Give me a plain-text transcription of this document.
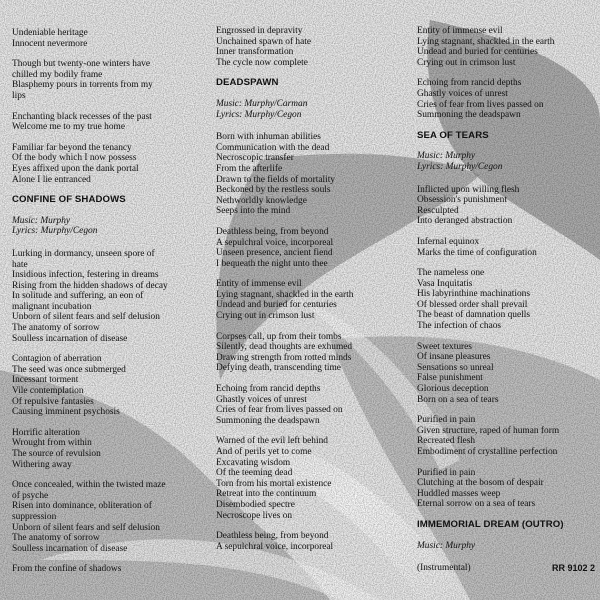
Undeniable heritage
Innocent nevermore
Though but twenty-one winters have
chilled my bodily frame
Blasphemy pours in torrents from my
lips
Enchanting black recesses of the past
Welcome me to my true home
Familiar far beyond the tenancy
Of the body which I now possess
Eyes affixed upon the dank portal
Alone I lie entranced
CONFINE OF SHADOWS
Music: Murphy
Lyrics: Murphy/Cegon
Lurking in dormancy, unseen spore of
hate
Insidious infection, festering in dreams
Rising from the hidden shadows of decay
In solitude and suffering, an eon of
malignant incubation
Unborn of silent fears and self delusion
The anatomy of sorrow
Soulless incarnation of disease
Contagion of aberration
The seed was once submerged
Incessant torment
Vile contemplation
Of repulsive fantasies
Causing imminent psychosis
Horrific alteration
Wrought from within
The source of revulsion
Withering away
Once concealed, within the twisted maze
of psyche
Risen into dominance, obliteration of
suppression
Unborn of silent fears and self delusion
The anatomy of sorrow
Soulless incarnation of disease
From the confine of shadows
Engrossed in depravity
Unchained spawn of hate
Inner transformation
The cycle now complete
DEADSPAWN
Music: Murphy/Carman
Lyrics: Murphy/Cegon
Born with inhuman abilities
Communication with the dead
Necroscopic transfer
From the afterlife
Drawn to the fields of mortality
Beckoned by the restless souls
Nethworldly knowledge
Seeps into the mind
Deathless being, from beyond
A sepulchral voice, incorporeal
Unseen presence, ancient fiend
I bequeath the night unto thee
Entity of immense evil
Lying stagnant, shackled in the earth
Undead and buried for centuries
Crying out in crimson lust
Corpses call, up from their tombs
Silently, dead thoughts are exhumed
Drawing strength from rotted minds
Defying death, transcending time
Echoing from rancid depths
Ghastly voices of unrest
Cries of fear from lives passed on
Summoning the deadspawn
Warned of the evil left behind
And of perils yet to come
Excavating wisdom
Of the teeming dead
Torn from his mortal existence
Retreat into the continuum
Disembodied spectre
Necroscope lives on
Deathless being, from beyond
A sepulchral voice, incorporeal
Entity of immense evil
Lying stagnant, shackled in the earth
Undead and buried for centuries
Crying out in crimson lust
Echoing from rancid depths
Ghastly voices of unrest
Cries of fear from lives passed on
Summoning the deadspawn
SEA OF TEARS
Music: Murphy
Lyrics: Murphy/Cegon
Inflicted upon willing flesh
Obsession's punishment
Resculpted
Into deranged abstraction
Infernal equinox
Marks the time of configuration
The nameless one
Vasa Inquitatis
His labyrinthine machinations
Of blessed order shall prevail
The beast of damnation quells
The infection of chaos
Sweet textures
Of insane pleasures
Sensations so unreal
False punishment
Glorious deception
Born on a sea of tears
Purified in pain
Given structure, raped of human form
Recreated flesh
Embodiment of crystalline perfection
Purified in pain
Clutching at the bosom of despair
Huddled masses weep
Eternal sorrow on a sea of tears
IMMEMORIAL DREAM (OUTRO)
Music: Murphy
(Instrumental)	RR 9102 2
